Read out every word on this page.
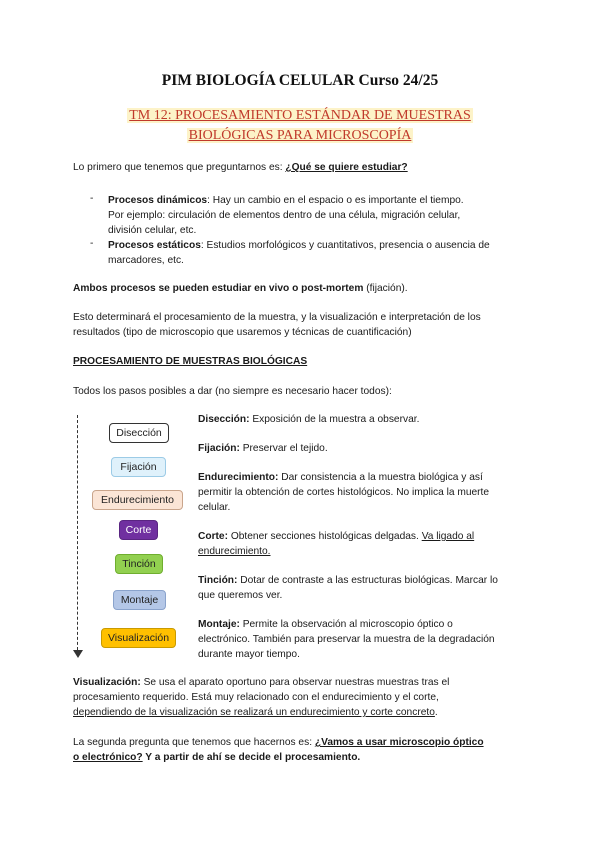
PIM BIOLOGÍA CELULAR Curso 24/25
TM 12: PROCESAMIENTO ESTÁNDAR DE MUESTRAS
BIOLÓGICAS PARA MICROSCOPÍA
Lo primero que tenemos que preguntarnos es: ¿Qué se quiere estudiar?
- Procesos dinámicos: Hay un cambio en el espacio o es importante el tiempo.
Por ejemplo: circulación de elementos dentro de una célula, migración celular,
división celular, etc.
- Procesos estáticos: Estudios morfológicos y cuantitativos, presencia o ausencia de
marcadores, etc.
Ambos procesos se pueden estudiar en vivo o post-mortem (fijación).
Esto determinará el procesamiento de la muestra, y la visualización e interpretación de los
resultados (tipo de microscopio que usaremos y técnicas de cuantificación)
PROCESAMIENTO DE MUESTRAS BIOLÓGICAS
Todos los pasos posibles a dar (no siempre es necesario hacer todos):
Disección
Fijación
Endurecimiento
Corte
Tinción
Montaje
Visualización
Disección: Exposición de la muestra a observar.
Fijación: Preservar el tejido.
Endurecimiento: Dar consistencia a la muestra biológica y así
permitir la obtención de cortes histológicos. No implica la muerte
celular.
Corte: Obtener secciones histológicas delgadas. Va ligado al
endurecimiento.
Tinción: Dotar de contraste a las estructuras biológicas. Marcar lo
que queremos ver.
Montaje: Permite la observación al microscopio óptico o
electrónico. También para preservar la muestra de la degradación
durante mayor tiempo.
Visualización: Se usa el aparato oportuno para observar nuestras muestras tras el
procesamiento requerido. Está muy relacionado con el endurecimiento y el corte,
dependiendo de la visualización se realizará un endurecimiento y corte concreto.
La segunda pregunta que tenemos que hacernos es: ¿Vamos a usar microscopio óptico
o electrónico? Y a partir de ahí se decide el procesamiento.
